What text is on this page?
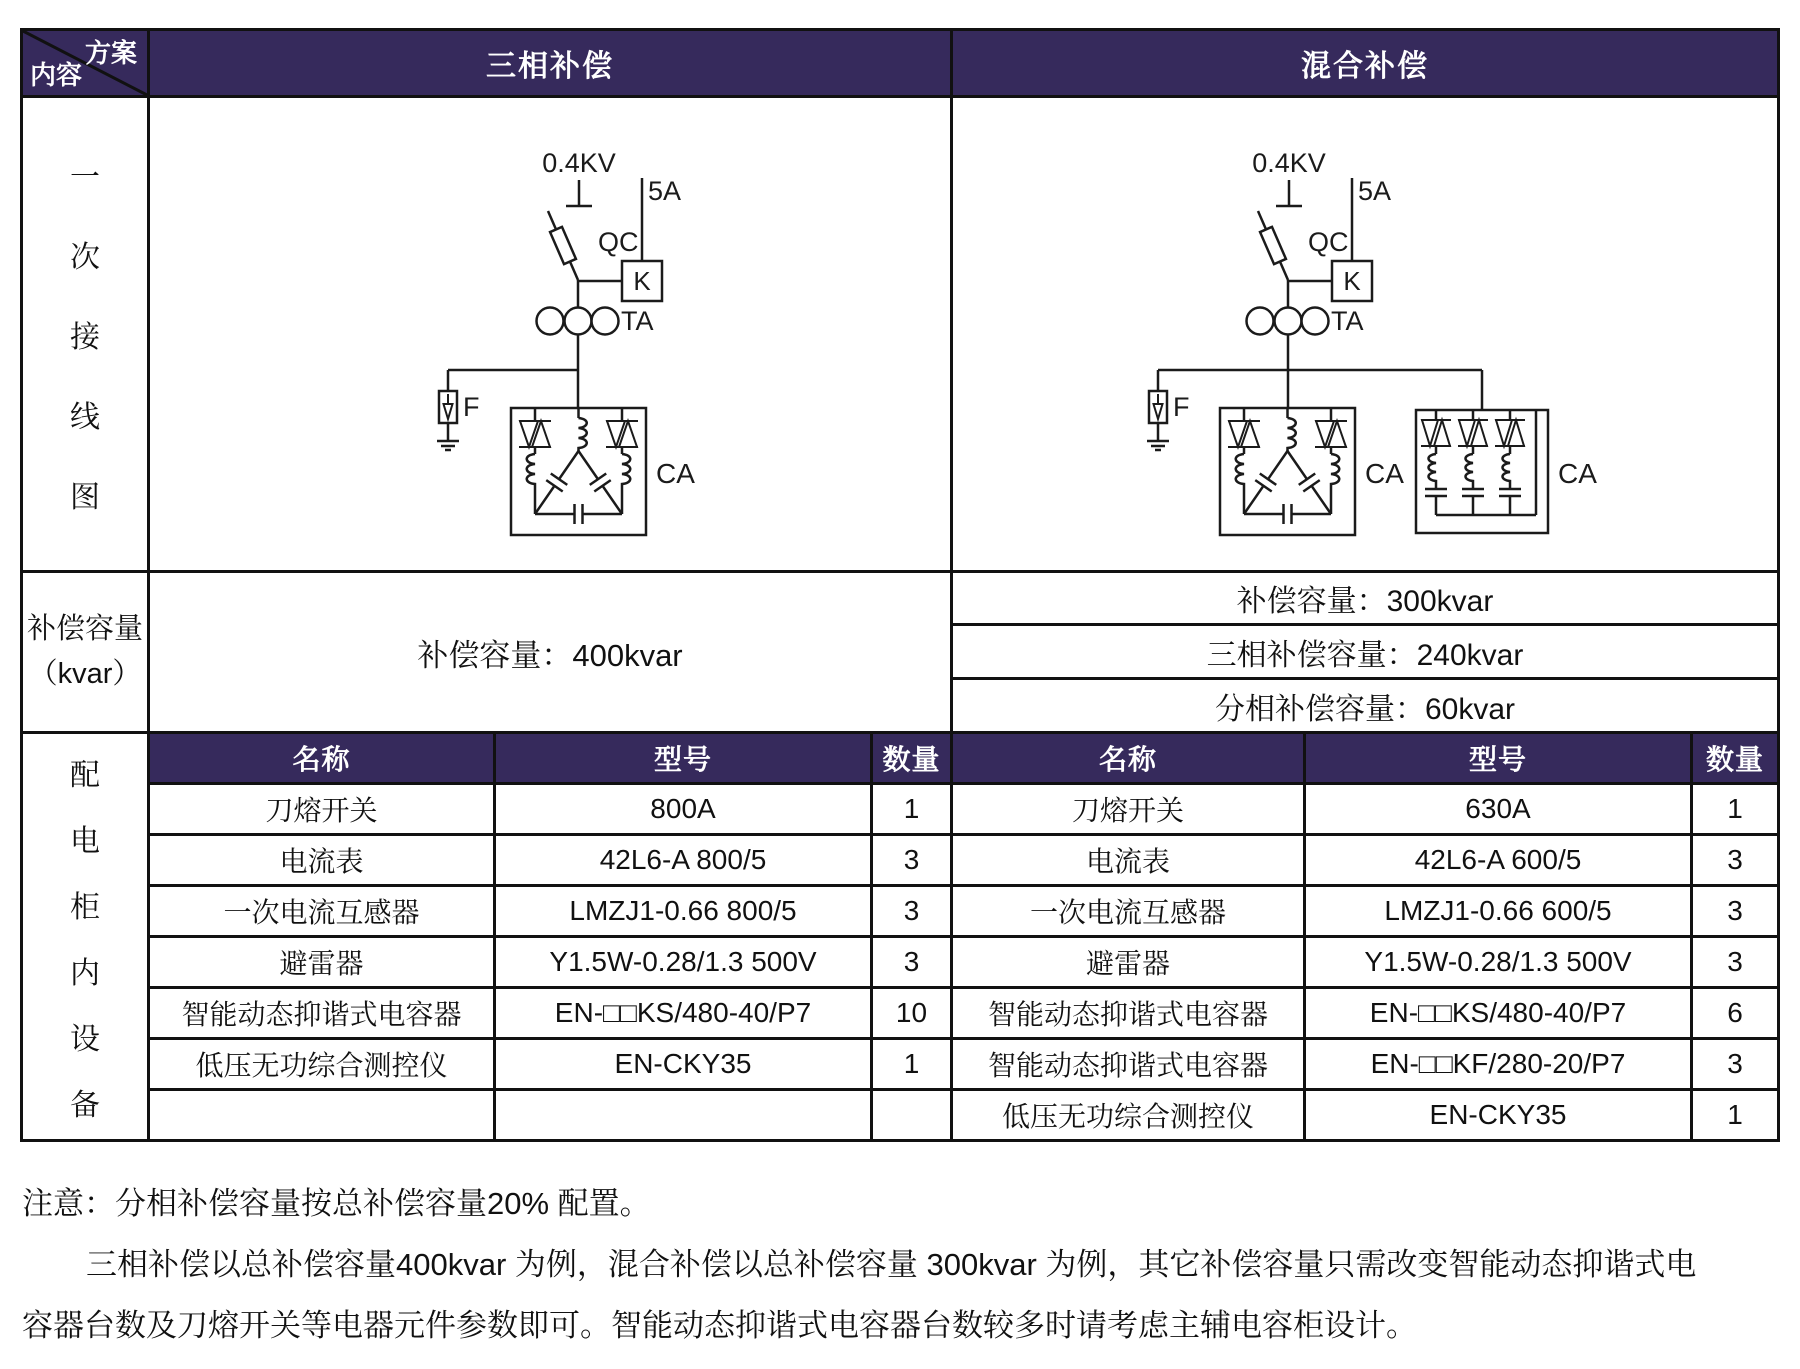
方案
内容	三相补偿	混合补偿
一
次
接
线
图
0.4KV
QC
5A
K
TA
F
CA
0.4KV
QC
5A
K
TA
F
CA	CA
补偿容量
（kvar）
补偿容量：400kvar
补偿容量：300kvar
三相补偿容量：240kvar
分相补偿容量：60kvar
配
电
柜
内
设
备
名称	型号	数量
刀熔开关	800A	1
电流表	42L6-A 800/5	3
一次电流互感器	LMZJ1-0.66 800/5	3
避雷器	Y1.5W-0.28/1.3 500V	3
智能动态抑谐式电容器	EN-□□KS/480-40/P7	10
低压无功综合测控仪	EN-CKY35	1
名称	型号	数量
刀熔开关	630A	1
电流表	42L6-A 600/5	3
一次电流互感器	LMZJ1-0.66 600/5	3
避雷器	Y1.5W-0.28/1.3 500V	3
智能动态抑谐式电容器	EN-□□KS/480-40/P7	6
智能动态抑谐式电容器	EN-□□KF/280-20/P7	3
低压无功综合测控仪	EN-CKY35	1
注意：分相补偿容量按总补偿容量20% 配置。
三相补偿以总补偿容量400kvar 为例，混合补偿以总补偿容量 300kvar 为例，其它补偿容量只需改变智能动态抑谐式电
容器台数及刀熔开关等电器元件参数即可。智能动态抑谐式电容器台数较多时请考虑主辅电容柜设计。
